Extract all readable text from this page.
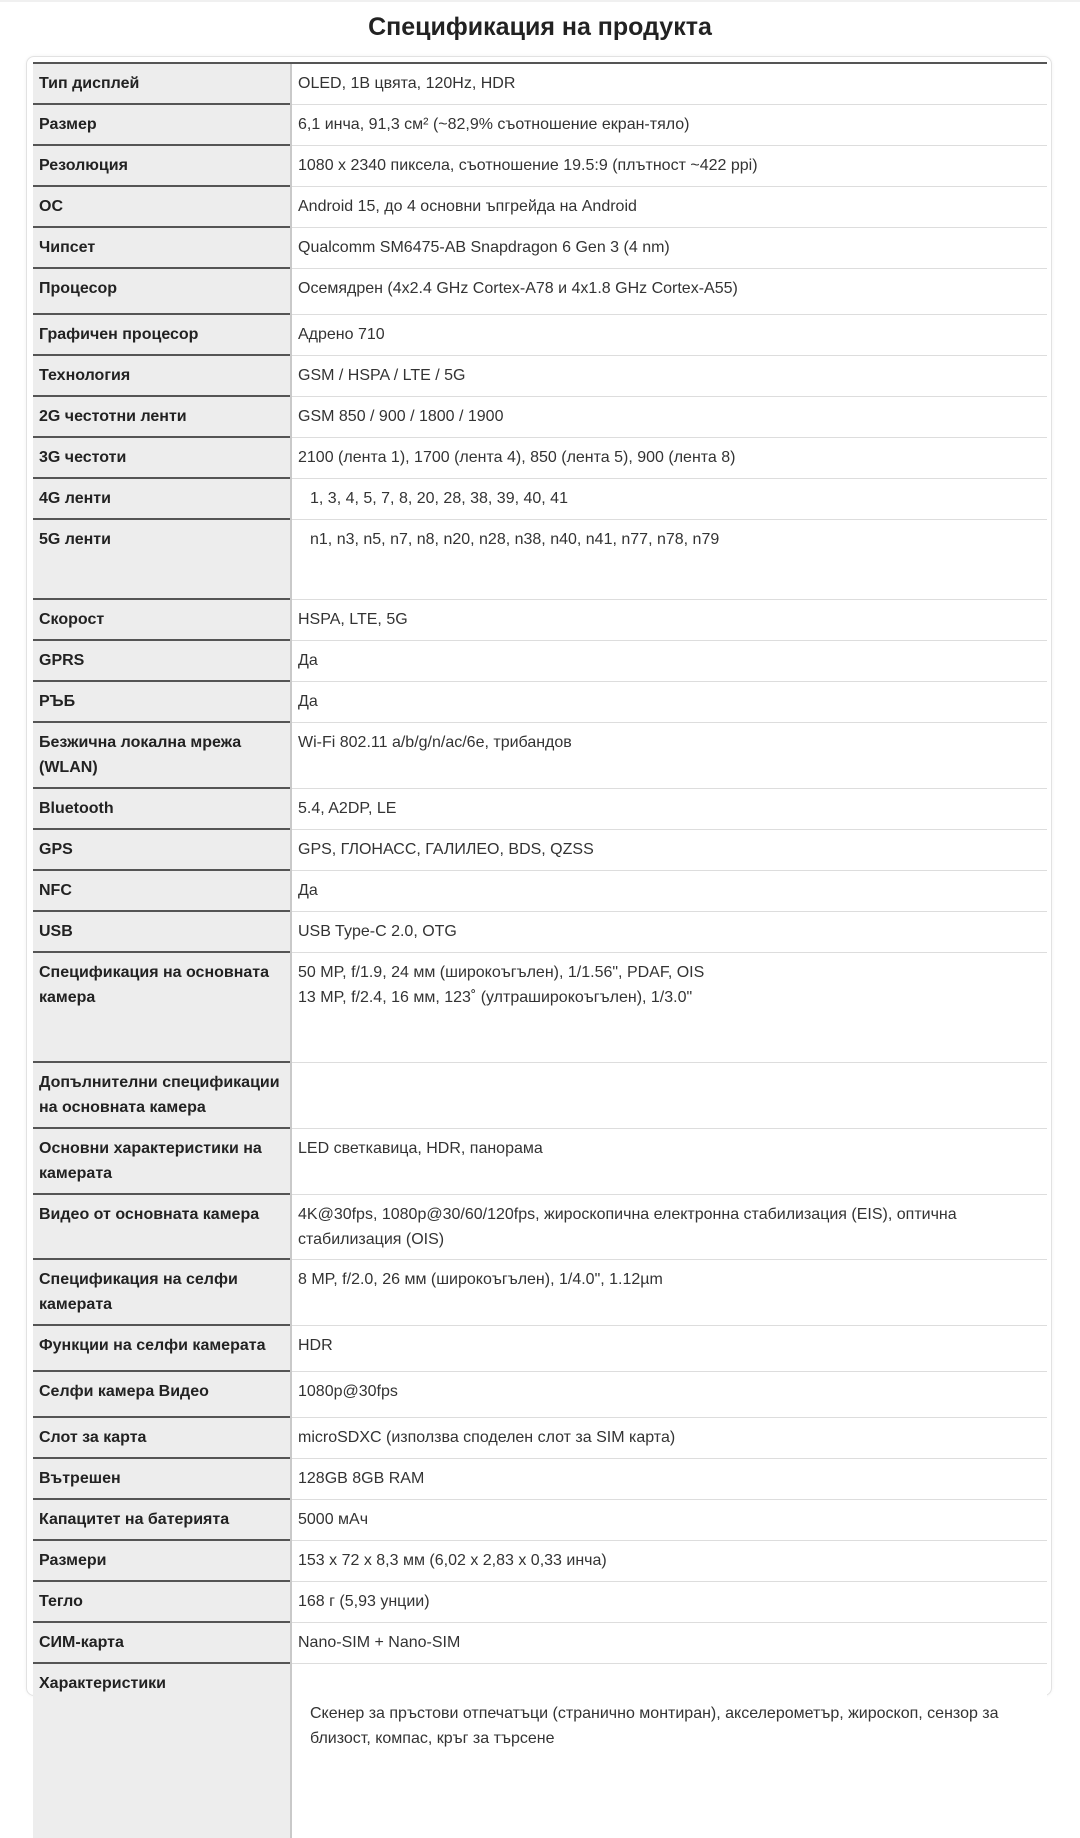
Спецификация на продукта
Тип дисплей	OLED, 1B цвята, 120Hz, HDR
Размер	6,1 инча, 91,3 см² (~82,9% съотношение екран-тяло)
Резолюция	1080 x 2340 пиксела, съотношение 19.5:9 (плътност ~422 ppi)
ОС	Android 15, до 4 основни ъпгрейда на Android
Чипсет	Qualcomm SM6475-AB Snapdragon 6 Gen 3 (4 nm)
Процесор	Осемядрен (4x2.4 GHz Cortex-A78 и 4x1.8 GHz Cortex-A55)
Графичен процесор	Адрено 710
Технология	GSM / HSPA / LTE / 5G
2G честотни ленти	GSM 850 / 900 / 1800 / 1900
3G честоти	2100 (лента 1), 1700 (лента 4), 850 (лента 5), 900 (лента 8)
4G ленти	1, 3, 4, 5, 7, 8, 20, 28, 38, 39, 40, 41
5G ленти	n1, n3, n5, n7, n8, n20, n28, n38, n40, n41, n77, n78, n79
Скорост	HSPA, LTE, 5G
GPRS	Да
РЪБ	Да
Безжична локална мрежа (WLAN)	Wi-Fi 802.11 a/b/g/n/ac/6e, трибандов
Bluetooth	5.4, A2DP, LE
GPS	GPS, ГЛОНАСС, ГАЛИЛЕО, BDS, QZSS
NFC	Да
USB	USB Type-C 2.0, OTG
Спецификация на основната камера	50 MP, f/1.9, 24 мм (широкоъгълен), 1/1.56", PDAF, OIS
13 MP, f/2.4, 16 мм, 123˚ (ултраширокоъгълен), 1/3.0"

Допълнителни спецификации на основната камера	
Основни характеристики на камерата	LED светкавица, HDR, панорама
Видео от основната камера	4K@30fps, 1080p@30/60/120fps, жироскопична електронна стабилизация (EIS), оптична стабилизация (OIS)
Спецификация на селфи камерата	8 MP, f/2.0, 26 мм (широкоъгълен), 1/4.0", 1.12µm
Функции на селфи камерата	HDR
Селфи камера Видео	1080p@30fps
Слот за карта	microSDXC (използва споделен слот за SIM карта)
Вътрешен	128GB 8GB RAM
Капацитет на батерията	5000 мАч
Размери	153 x 72 x 8,3 мм (6,02 x 2,83 x 0,33 инча)
Тегло	168 г (5,93 унции)
СИМ-карта	Nano-SIM + Nano-SIM
Характеристики	Скенер за пръстови отпечатъци (странично монтиран), акселерометър, жироскоп, сензор за близост, компас, кръг за търсене
